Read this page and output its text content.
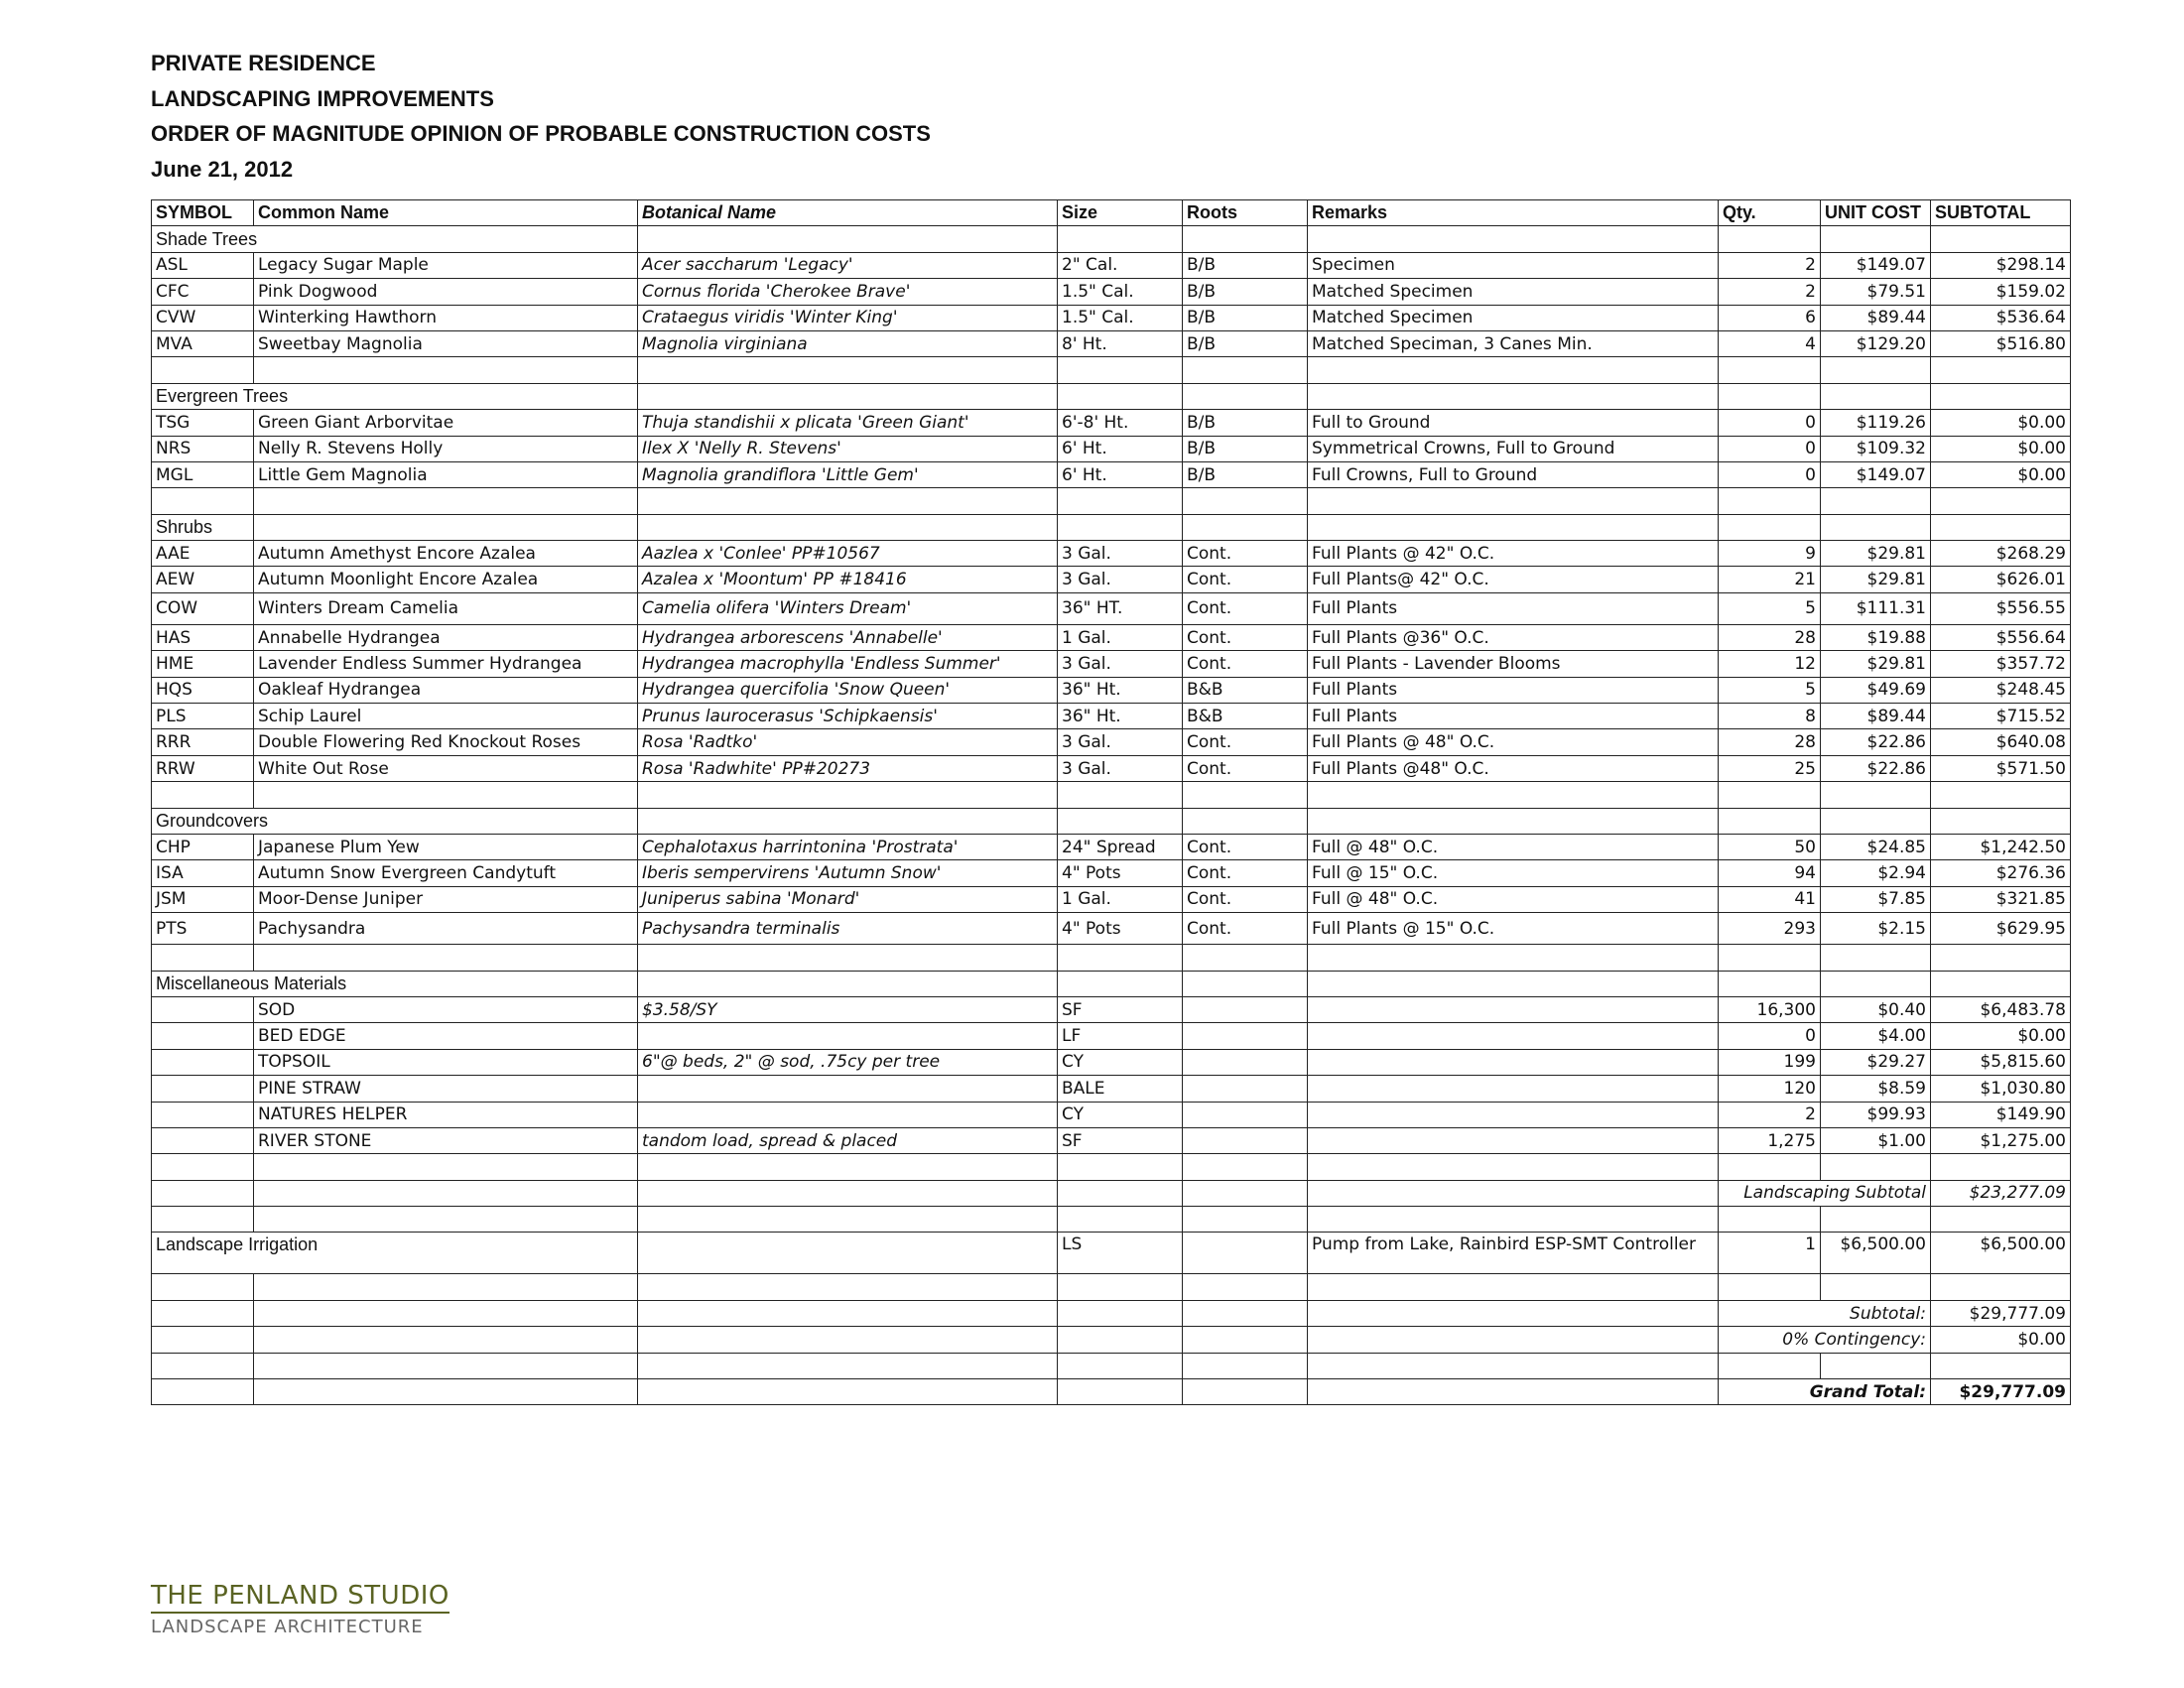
PRIVATE RESIDENCE
LANDSCAPING IMPROVEMENTS
ORDER OF MAGNITUDE OPINION OF PROBABLE CONSTRUCTION COSTS
June 21, 2012
SYMBOL	Common Name	Botanical Name	Size	Roots	Remarks	Qty.	UNIT COST	SUBTOTAL
Shade Trees								
ASL	Legacy Sugar Maple	Acer saccharum 'Legacy'	2" Cal.	B/B	Specimen	2	$149.07	$298.14
CFC	Pink Dogwood	Cornus florida 'Cherokee Brave'	1.5" Cal.	B/B	Matched Specimen	2	$79.51	$159.02
CVW	Winterking Hawthorn	Crataegus viridis 'Winter King'	1.5" Cal.	B/B	Matched Specimen	6	$89.44	$536.64
MVA	Sweetbay Magnolia	Magnolia virginiana	8' Ht.	B/B	Matched Speciman, 3 Canes Min.	4	$129.20	$516.80

Evergreen Trees								
TSG	Green Giant Arborvitae	Thuja standishii x plicata 'Green Giant'	6'-8' Ht.	B/B	Full to Ground	0	$119.26	$0.00
NRS	Nelly R. Stevens Holly	Ilex X 'Nelly R. Stevens'	6' Ht.	B/B	Symmetrical Crowns, Full to Ground	0	$109.32	$0.00
MGL	Little Gem Magnolia	Magnolia grandiflora 'Little Gem'	6' Ht.	B/B	Full Crowns, Full to Ground	0	$149.07	$0.00

Shrubs								
AAE	Autumn Amethyst Encore Azalea	Aazlea x 'Conlee' PP#10567	3 Gal.	Cont.	Full Plants @ 42" O.C.	9	$29.81	$268.29
AEW	Autumn Moonlight Encore Azalea	Azalea x 'Moontum' PP #18416	3 Gal.	Cont.	Full Plants@ 42" O.C.	21	$29.81	$626.01
COW	Winters Dream Camelia	Camelia olifera 'Winters Dream'	36" HT.	Cont.	Full Plants	5	$111.31	$556.55
HAS	Annabelle Hydrangea	Hydrangea arborescens 'Annabelle'	1 Gal.	Cont.	Full Plants @36" O.C.	28	$19.88	$556.64
HME	Lavender Endless Summer Hydrangea	Hydrangea macrophylla 'Endless Summer'	3 Gal.	Cont.	Full Plants - Lavender Blooms	12	$29.81	$357.72
HQS	Oakleaf Hydrangea	Hydrangea quercifolia 'Snow Queen'	36" Ht.	B&B	Full Plants	5	$49.69	$248.45
PLS	Schip Laurel	Prunus laurocerasus 'Schipkaensis'	36" Ht.	B&B	Full Plants	8	$89.44	$715.52
RRR	Double Flowering Red Knockout Roses	Rosa 'Radtko'	3 Gal.	Cont.	Full Plants @ 48" O.C.	28	$22.86	$640.08
RRW	White Out Rose	Rosa 'Radwhite' PP#20273	3 Gal.	Cont.	Full Plants @48" O.C.	25	$22.86	$571.50

Groundcovers								
CHP	Japanese Plum Yew	Cephalotaxus harrintonina 'Prostrata'	24" Spread	Cont.	Full @ 48" O.C.	50	$24.85	$1,242.50
ISA	Autumn Snow Evergreen Candytuft	Iberis sempervirens 'Autumn Snow'	4" Pots	Cont.	Full @ 15" O.C.	94	$2.94	$276.36
JSM	Moor-Dense Juniper	Juniperus sabina 'Monard'	1 Gal.	Cont.	Full @ 48" O.C.	41	$7.85	$321.85
PTS	Pachysandra	Pachysandra terminalis	4" Pots	Cont.	Full Plants @ 15" O.C.	293	$2.15	$629.95

Miscellaneous Materials								
	SOD	$3.58/SY	SF			16,300	$0.40	$6,483.78
	BED EDGE		LF			0	$4.00	$0.00
	TOPSOIL	6"@ beds, 2" @ sod, .75cy per tree	CY			199	$29.27	$5,815.60
	PINE STRAW		BALE			120	$8.59	$1,030.80
	NATURES HELPER		CY			2	$99.93	$149.90
	RIVER STONE	tandom load, spread & placed	SF			1,275	$1.00	$1,275.00

						Landscaping Subtotal		$23,277.09

Landscape Irrigation			LS		Pump from Lake, Rainbird ESP-SMT Controller	1	$6,500.00	$6,500.00

						Subtotal:		$29,777.09
						0% Contingency:		$0.00

						Grand Total:		$29,777.09
THE PENLAND STUDIO
LANDSCAPE ARCHITECTURE
